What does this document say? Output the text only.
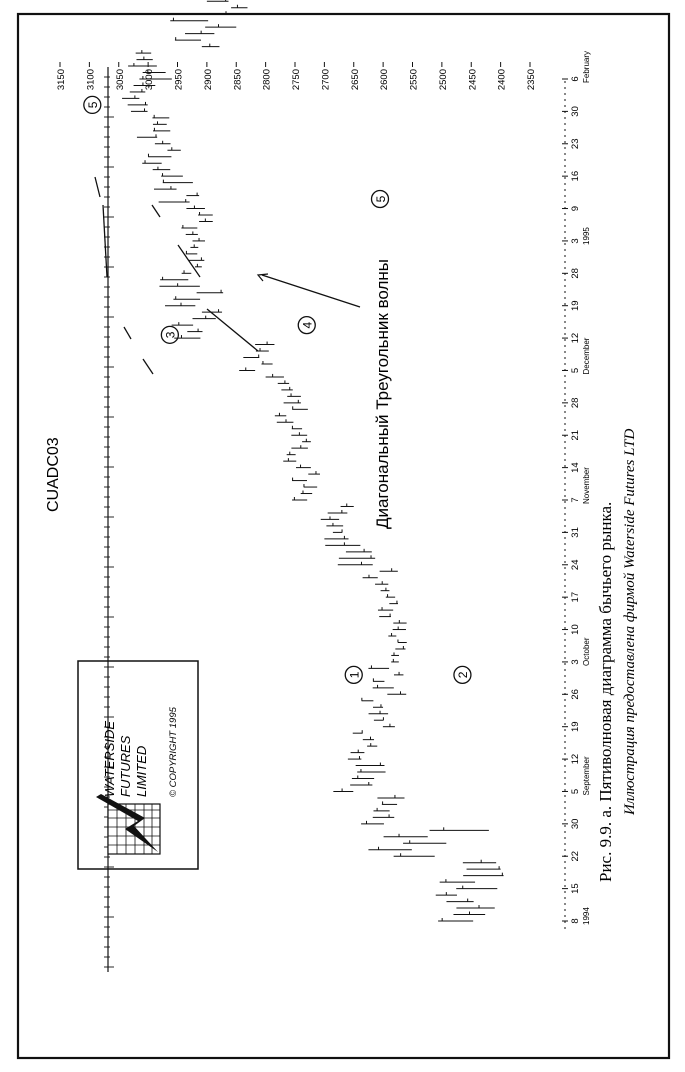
3150 3100 3050 3000 2950 2900 2850 2800 2750 2700 2650 2600 2550 2500 2450 2400 2350
8 1994
15
22
30
5 September
12
19
26
3 October
10
17
24
31
7 November
14
21
28
5 December
12
19
28
3 1995
9
16
23
30
6 February
CUADC03	Диагональный Треугольник волны
5
1	2
3
4
5
WATERSIDE FUTURES LIMITED © COPYRIGHT 1995	Рис. 9.9. а. Пятиволновая диаграмма бычьего рынка. Иллюстрация предоставлена фирмой Waterside Futures LTD
